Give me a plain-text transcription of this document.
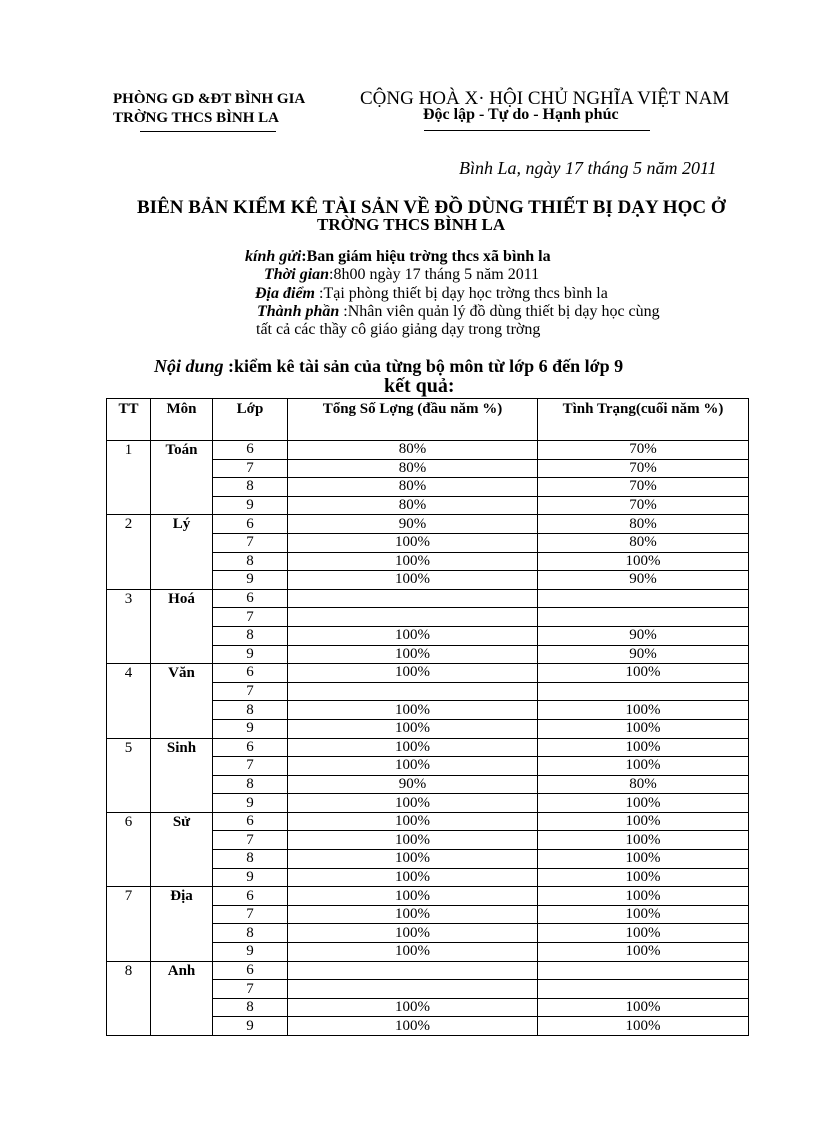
PHÒNG GD &ĐT BÌNH GIA
TRỜNG THCS BÌNH LA
CỘNG HOÀ X· HỘI CHỦ NGHĨA VIỆT NAM
Độc lập - Tự do - Hạnh phúc
Bình La, ngày 17 tháng 5 năm 2011
BIÊN BẢN KIỂM KÊ TÀI SẢN VỀ ĐỒ DÙNG THIẾT BỊ DẠY HỌC Ở
TRỜNG THCS BÌNH LA
kính gửi:Ban giám hiệu trờng thcs xã bình la
Thời gian:8h00 ngày 17 tháng 5 năm 2011
Địa điểm :Tại phòng thiết bị dạy học trờng thcs bình la
Thành phần :Nhân viên quản lý đồ dùng thiết bị dạy học cùng
tất cả các thầy cô giáo giảng dạy trong trờng
Nội dung :kiểm kê tài sản của từng bộ môn từ lớp 6 đến lớp 9
kết quả:
TT	Môn	Lớp	Tổng Số Lợng (đầu năm %)	Tình Trạng(cuối năm %)
1	Toán	6	80%	70%
		7	80%	70%
		8	80%	70%
		9	80%	70%
2	Lý	6	90%	80%
		7	100%	80%
		8	100%	100%
		9	100%	90%
3	Hoá	6		
		7		
		8	100%	90%
		9	100%	90%
4	Văn	6	100%	100%
		7		
		8	100%	100%
		9	100%	100%
5	Sinh	6	100%	100%
		7	100%	100%
		8	90%	80%
		9	100%	100%
6	Sử	6	100%	100%
		7	100%	100%
		8	100%	100%
		9	100%	100%
7	Địa	6	100%	100%
		7	100%	100%
		8	100%	100%
		9	100%	100%
8	Anh	6		
		7		
		8	100%	100%
		9	100%	100%
